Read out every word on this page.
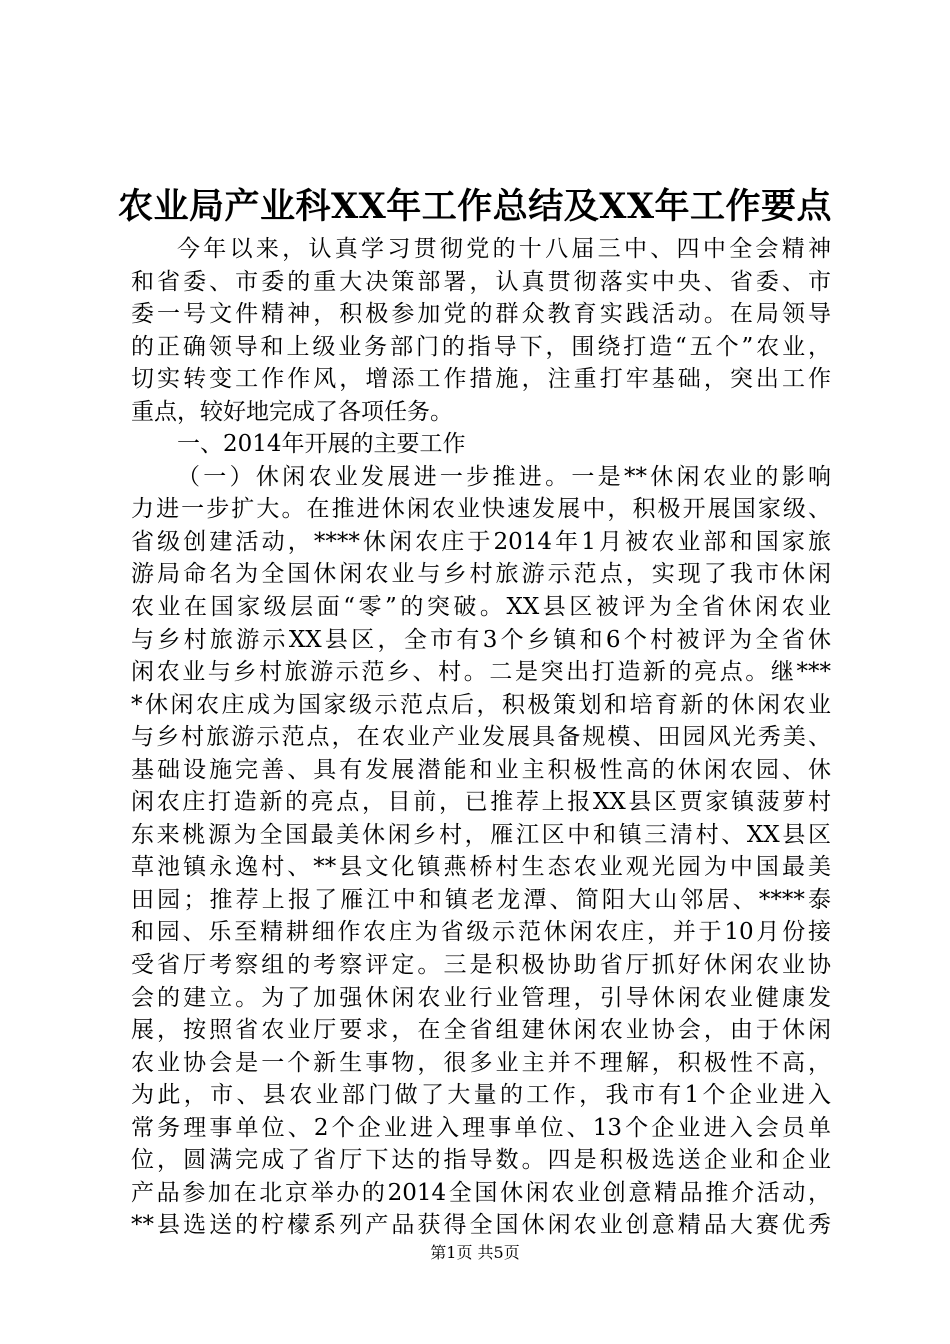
农业局产业科XX年工作总结及XX年工作要点
今年以来，认真学习贯彻党的十八届三中、四中全会精神
和省委、市委的重大决策部署，认真贯彻落实中央、省委、市
委一号文件精神，积极参加党的群众教育实践活动。在局领导
的正确领导和上级业务部门的指导下，围绕打造“五个”农业，
切实转变工作作风，增添工作措施，注重打牢基础，突出工作
重点，较好地完成了各项任务。
一、2014年开展的主要工作
（一）休闲农业发展进一步推进。一是**休闲农业的影响
力进一步扩大。在推进休闲农业快速发展中，积极开展国家级、
省级创建活动，****休闲农庄于2014年1月被农业部和国家旅
游局命名为全国休闲农业与乡村旅游示范点，实现了我市休闲
农业在国家级层面“零”的突破。XX县区被评为全省休闲农业
与乡村旅游示XX县区，全市有3个乡镇和6个村被评为全省休
闲农业与乡村旅游示范乡、村。二是突出打造新的亮点。继***
*休闲农庄成为国家级示范点后，积极策划和培育新的休闲农业
与乡村旅游示范点，在农业产业发展具备规模、田园风光秀美、
基础设施完善、具有发展潜能和业主积极性高的休闲农园、休
闲农庄打造新的亮点，目前，已推荐上报XX县区贾家镇菠萝村
东来桃源为全国最美休闲乡村，雁江区中和镇三清村、XX县区
草池镇永逸村、**县文化镇燕桥村生态农业观光园为中国最美
田园；推荐上报了雁江中和镇老龙潭、简阳大山邻居、****泰
和园、乐至精耕细作农庄为省级示范休闲农庄，并于10月份接
受省厅考察组的考察评定。三是积极协助省厅抓好休闲农业协
会的建立。为了加强休闲农业行业管理，引导休闲农业健康发
展，按照省农业厅要求，在全省组建休闲农业协会，由于休闲
农业协会是一个新生事物，很多业主并不理解，积极性不高，
为此，市、县农业部门做了大量的工作，我市有1个企业进入
常务理事单位、2个企业进入理事单位、13个企业进入会员单
位，圆满完成了省厅下达的指导数。四是积极选送企业和企业
产品参加在北京举办的2014全国休闲农业创意精品推介活动，
**县选送的柠檬系列产品获得全国休闲农业创意精品大赛优秀
第1页 共5页
